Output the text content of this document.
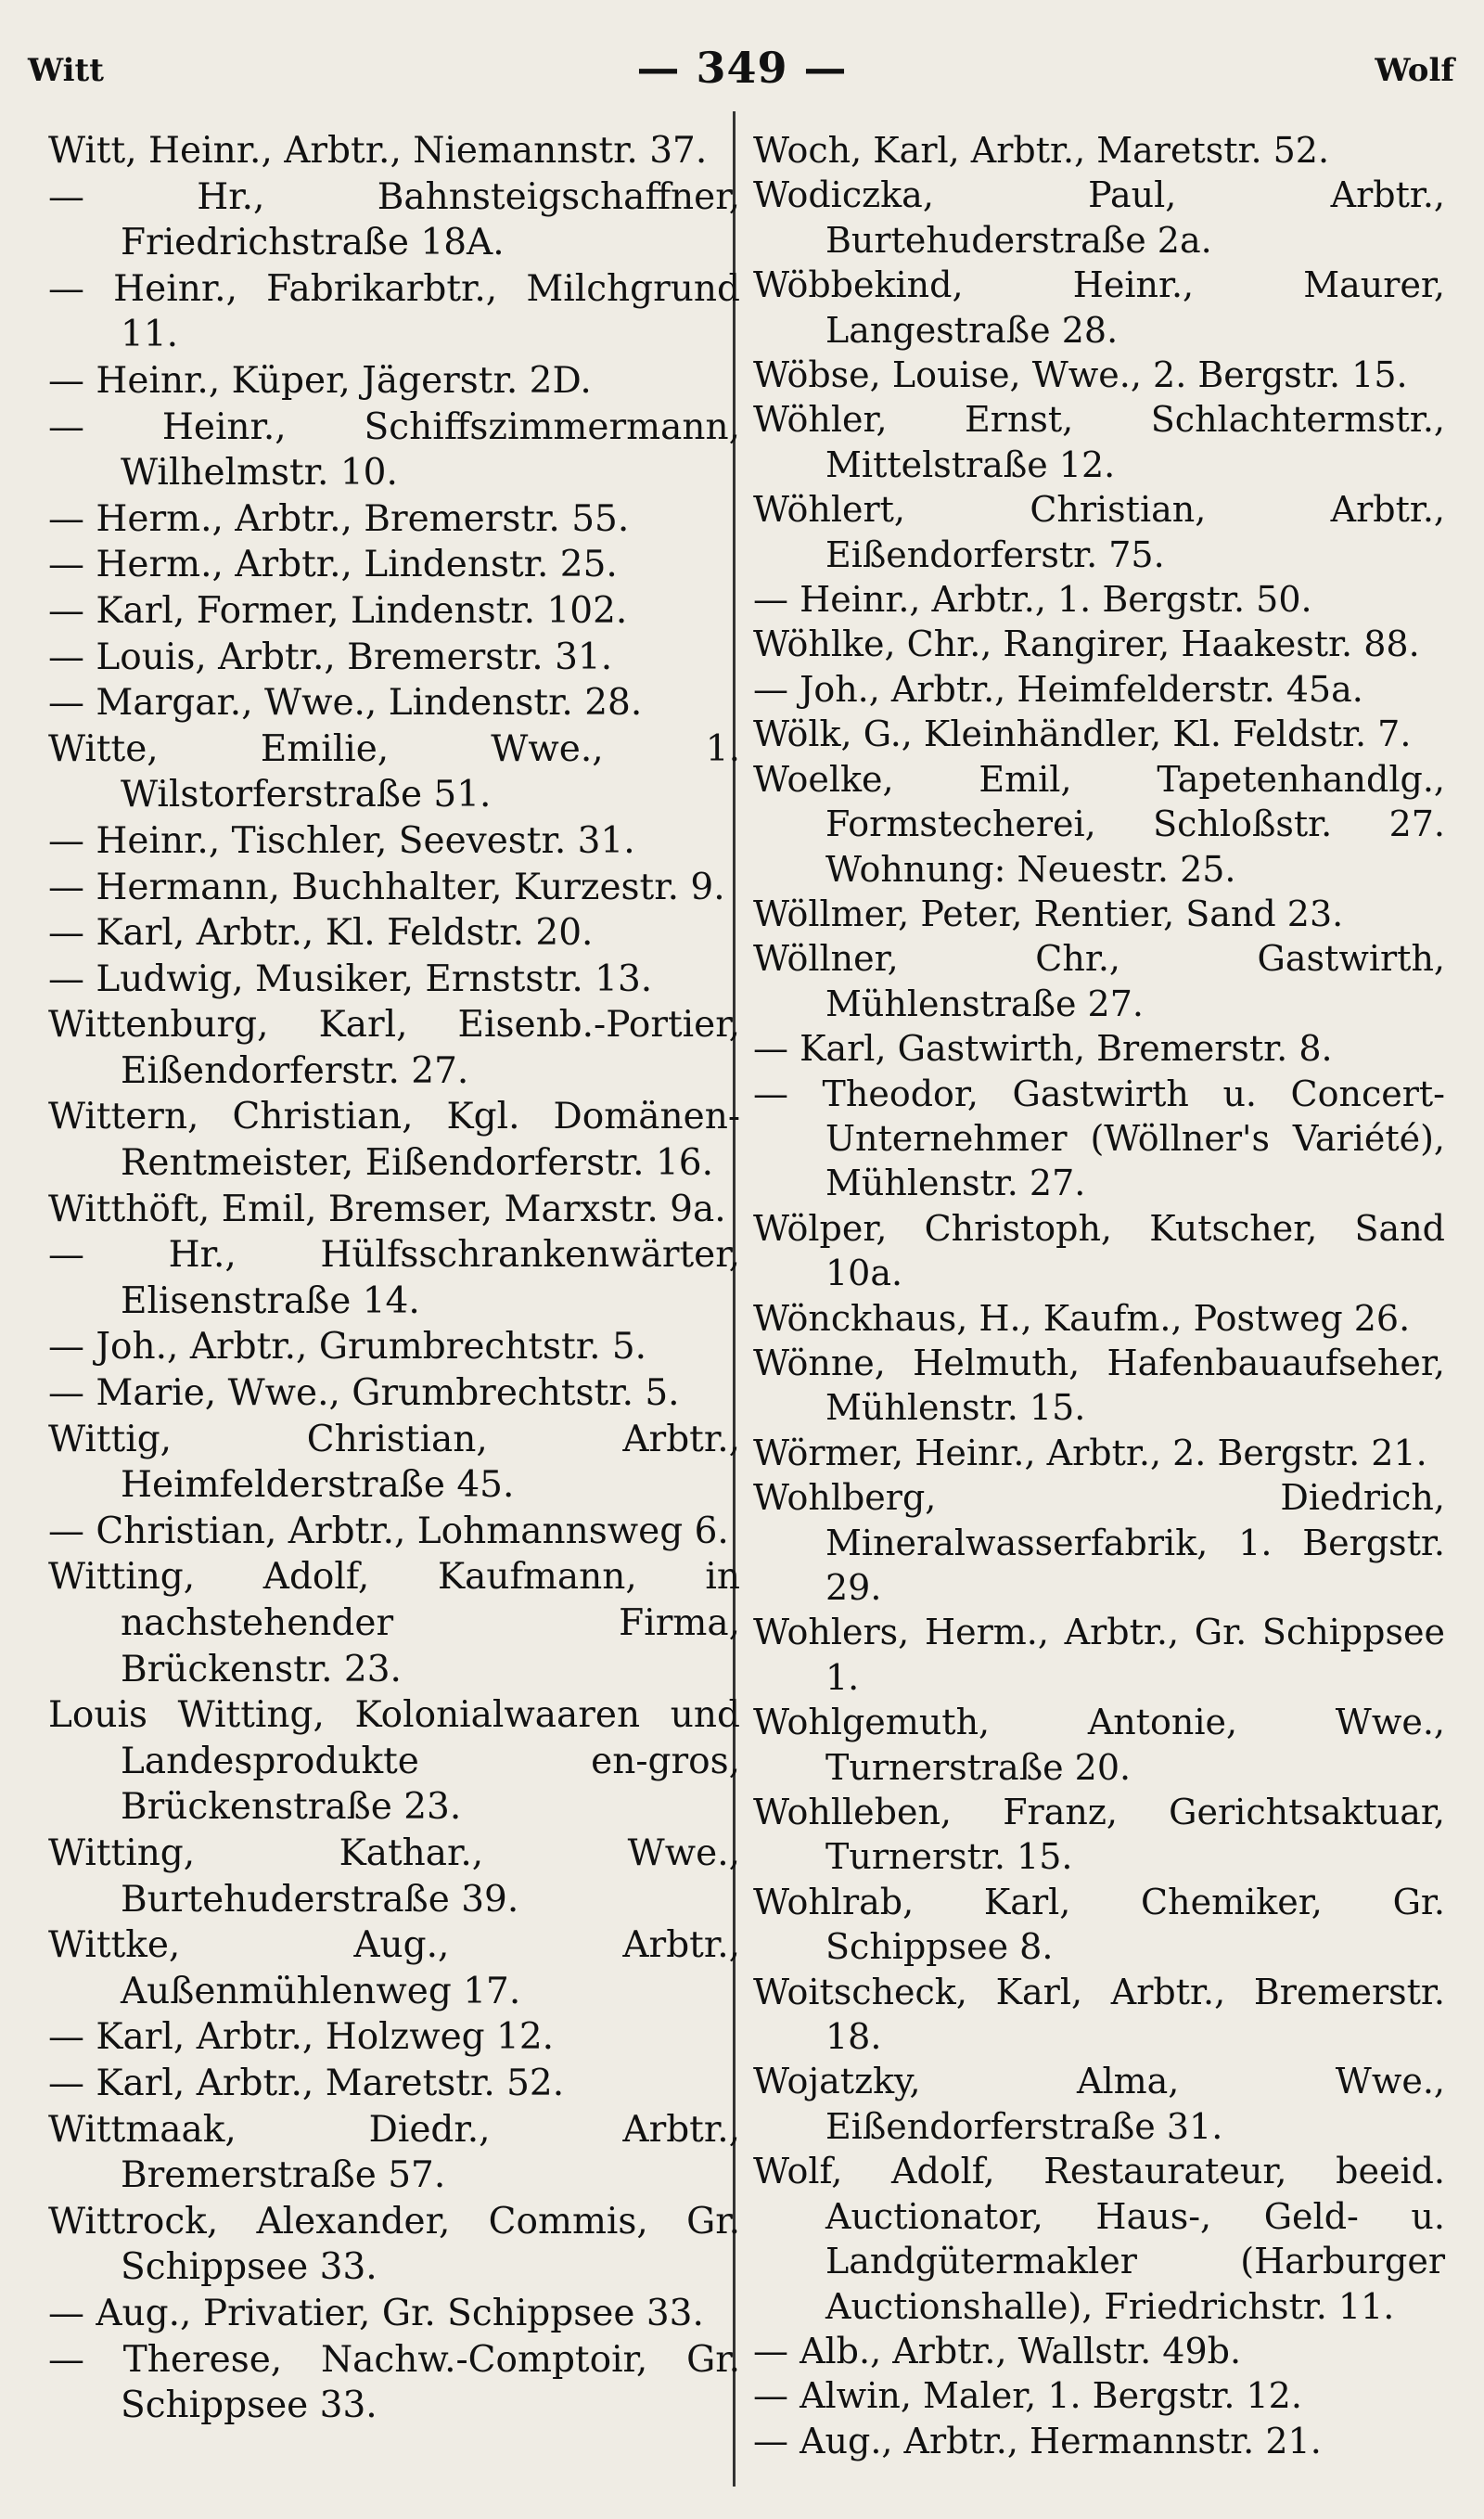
Witt	— 349 —	Wolf

Witt, Heinr., Arbtr., Niemannstr. 37.

— Hr., Bahnsteigschaffner, Friedrichstraße 18A.

— Heinr., Fabrikarbtr., Milchgrund 11.

— Heinr., Küper, Jägerstr. 2D.

— Heinr., Schiffszimmermann, Wilhelmstr. 10.

— Herm., Arbtr., Bremerstr. 55.

— Herm., Arbtr., Lindenstr. 25.

— Karl, Former, Lindenstr. 102.

— Louis, Arbtr., Bremerstr. 31.

— Margar., Wwe., Lindenstr. 28.

Witte, Emilie, Wwe., 1. Wilstorferstraße 51.

— Heinr., Tischler, Seevestr. 31.

— Hermann, Buchhalter, Kurzestr. 9.

— Karl, Arbtr., Kl. Feldstr. 20.

— Ludwig, Musiker, Ernststr. 13.

Wittenburg, Karl, Eisenb.-Portier, Eißendorferstr. 27.

Wittern, Christian, Kgl. Domänen-Rentmeister, Eißendorferstr. 16.

Witthöft, Emil, Bremser, Marxstr. 9a.

— Hr., Hülfsschrankenwärter, Elisenstraße 14.

— Joh., Arbtr., Grumbrechtstr. 5.

— Marie, Wwe., Grumbrechtstr. 5.

Wittig, Christian, Arbtr., Heimfelderstraße 45.

— Christian, Arbtr., Lohmannsweg 6.

Witting, Adolf, Kaufmann, in nachstehender Firma, Brückenstr. 23.

Louis Witting, Kolonialwaaren und Landesprodukte en-gros, Brückenstraße 23.

Witting, Kathar., Wwe., Burtehuderstraße 39.

Wittke, Aug., Arbtr., Außenmühlenweg 17.

— Karl, Arbtr., Holzweg 12.

— Karl, Arbtr., Maretstr. 52.

Wittmaak, Diedr., Arbtr., Bremerstraße 57.

Wittrock, Alexander, Commis, Gr. Schippsee 33.

— Aug., Privatier, Gr. Schippsee 33.

— Therese, Nachw.-Comptoir, Gr. Schippsee 33.

Woch, Karl, Arbtr., Maretstr. 52.

Wodiczka, Paul, Arbtr., Burtehuderstraße 2a.

Wöbbekind, Heinr., Maurer, Langestraße 28.

Wöbse, Louise, Wwe., 2. Bergstr. 15.

Wöhler, Ernst, Schlachtermstr., Mittelstraße 12.

Wöhlert, Christian, Arbtr., Eißendorferstr. 75.

— Heinr., Arbtr., 1. Bergstr. 50.

Wöhlke, Chr., Rangirer, Haakestr. 88.

— Joh., Arbtr., Heimfelderstr. 45a.

Wölk, G., Kleinhändler, Kl. Feldstr. 7.

Woelke, Emil, Tapetenhandlg., Formstecherei, Schloßstr. 27. Wohnung: Neuestr. 25.

Wöllmer, Peter, Rentier, Sand 23.

Wöllner, Chr., Gastwirth, Mühlenstraße 27.

— Karl, Gastwirth, Bremerstr. 8.

— Theodor, Gastwirth u. Concert-Unternehmer (Wöllner's Variété), Mühlenstr. 27.

Wölper, Christoph, Kutscher, Sand 10a.

Wönckhaus, H., Kaufm., Postweg 26.

Wönne, Helmuth, Hafenbauaufseher, Mühlenstr. 15.

Wörmer, Heinr., Arbtr., 2. Bergstr. 21.

Wohlberg, Diedrich, Mineralwasserfabrik, 1. Bergstr. 29.

Wohlers, Herm., Arbtr., Gr. Schippsee 1.

Wohlgemuth, Antonie, Wwe., Turnerstraße 20.

Wohlleben, Franz, Gerichtsaktuar, Turnerstr. 15.

Wohlrab, Karl, Chemiker, Gr. Schippsee 8.

Woitscheck, Karl, Arbtr., Bremerstr. 18.

Wojatzky, Alma, Wwe., Eißendorferstraße 31.

Wolf, Adolf, Restaurateur, beeid. Auctionator, Haus-, Geld- u. Landgütermakler (Harburger Auctionshalle), Friedrichstr. 11.

— Alb., Arbtr., Wallstr. 49b.

— Alwin, Maler, 1. Bergstr. 12.

— Aug., Arbtr., Hermannstr. 21.
